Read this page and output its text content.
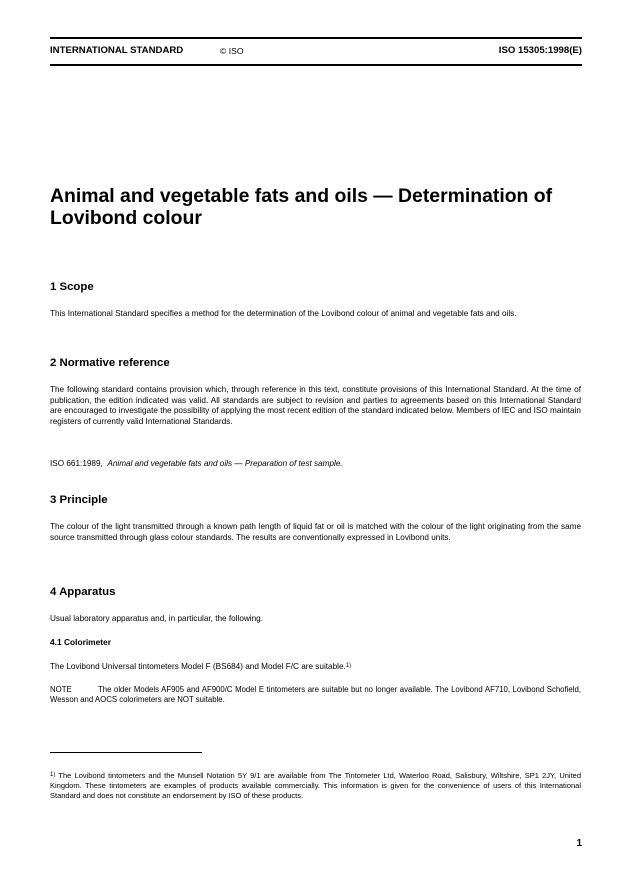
INTERNATIONAL STANDARD	© ISO	ISO 15305:1998(E)
Animal and vegetable fats and oils — Determination of Lovibond colour
1 Scope

This International Standard specifies a method for the determination of the Lovibond colour of animal and vegetable fats and oils.

2 Normative reference

The following standard contains provision which, through reference in this text, constitute provisions of this International Standard. At the time of publication, the edition indicated was valid. All standards are subject to revision and parties to agreements based on this International Standard are encouraged to investigate the possibility of applying the most recent edition of the standard indicated below. Members of IEC and ISO maintain registers of currently valid International Standards.

ISO 661:1989, Animal and vegetable fats and oils — Preparation of test sample.

3 Principle

The colour of the light transmitted through a known path length of liquid fat or oil is matched with the colour of the light originating from the same source transmitted through glass colour standards. The results are conventionally expressed in Lovibond units.

4 Apparatus

Usual laboratory apparatus and, in particular, the following.

4.1 Colorimeter

The Lovibond Universal tintometers Model F (BS684) and Model F/C are suitable.$^{1)}$

NOTE	The older Models AF905 and AF900/C Model E tintometers are suitable but no longer available. The Lovibond AF710, Lovibond Schofield, Wesson and AOCS colorimeters are NOT suitable.

$^{1)}$ The Lovibond tintometers and the Munsell Notation 5Y 9/1 are available from The Tintometer Ltd, Waterloo Road, Salisbury, Wiltshire, SP1 2JY, United Kingdom. These tintometers are examples of products available commercially. This information is given for the convenience of users of this International Standard and does not constitute an endorsement by ISO of these products.

1
